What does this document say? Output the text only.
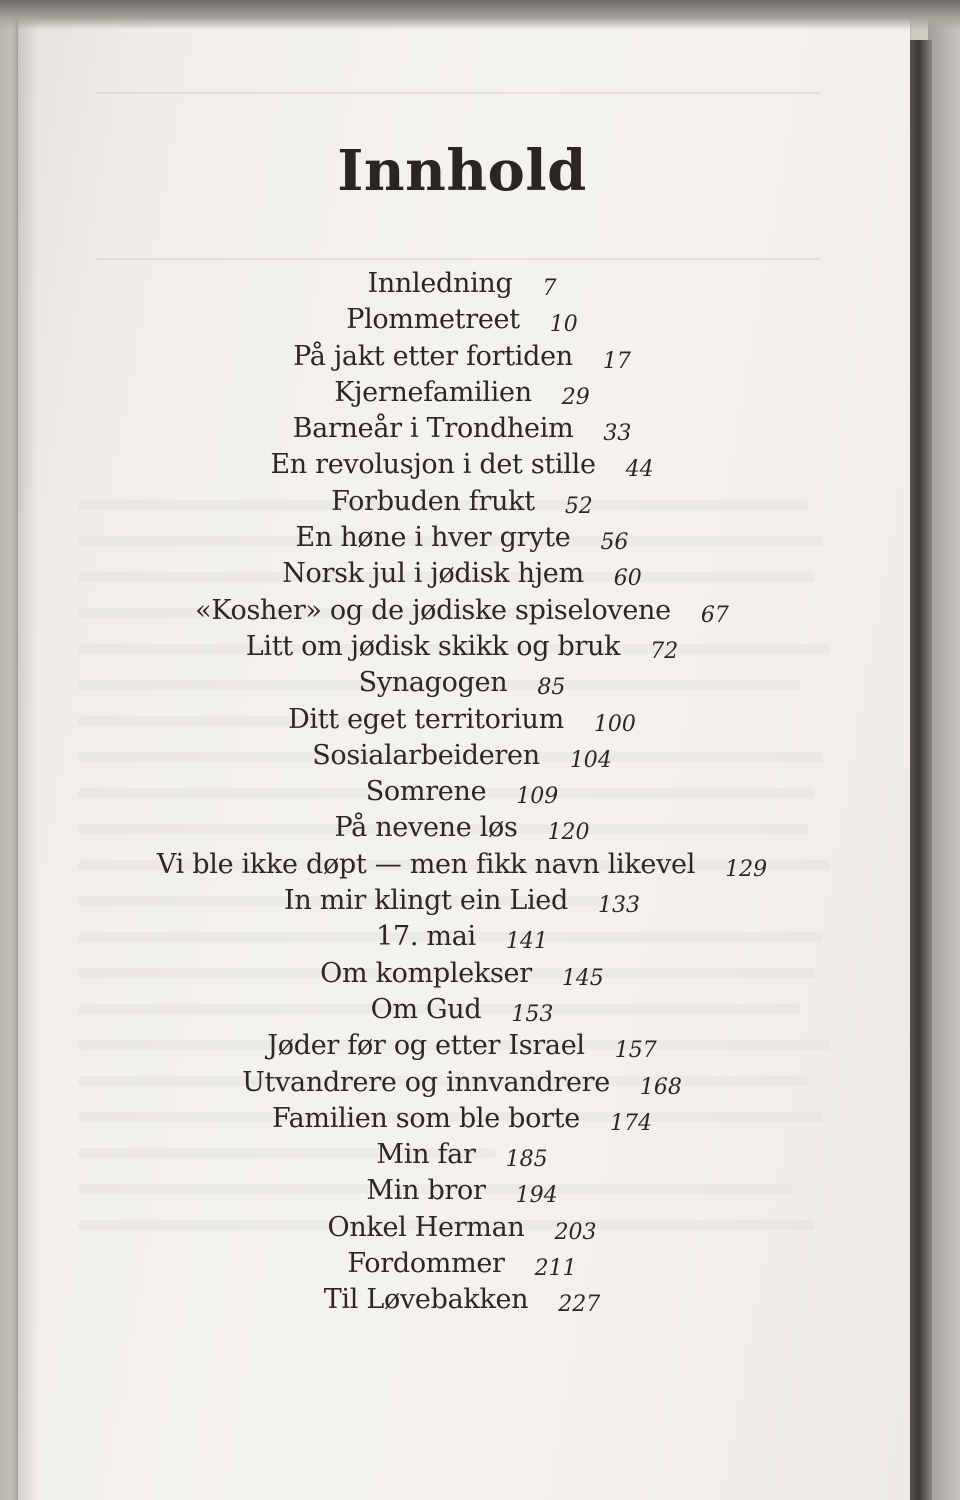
Innhold
Innledning 7
Plommetreet 10
På jakt etter fortiden 17
Kjernefamilien 29
Barneår i Trondheim 33
En revolusjon i det stille 44
Forbuden frukt 52
En høne i hver gryte 56
Norsk jul i jødisk hjem 60
«Kosher» og de jødiske spiselovene 67
Litt om jødisk skikk og bruk 72
Synagogen 85
Ditt eget territorium 100
Sosialarbeideren 104
Somrene 109
På nevene løs 120
Vi ble ikke døpt — men fikk navn likevel 129
In mir klingt ein Lied 133
17. mai 141
Om komplekser 145
Om Gud 153
Jøder før og etter Israel 157
Utvandrere og innvandrere 168
Familien som ble borte 174
Min far 185
Min bror 194
Onkel Herman 203
Fordommer 211
Til Løvebakken 227
